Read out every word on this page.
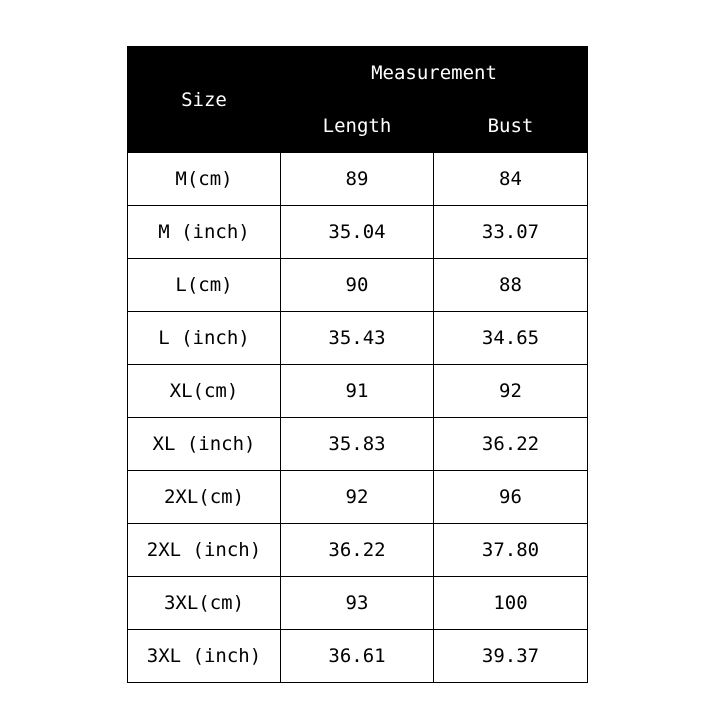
Size	Measurement	
	Length	Bust
M(cm)	89	84
M (inch)	35.04	33.07
L(cm)	90	88
L (inch)	35.43	34.65
XL(cm)	91	92
XL (inch)	35.83	36.22
2XL(cm)	92	96
2XL (inch)	36.22	37.80
3XL(cm)	93	100
3XL (inch)	36.61	39.37
